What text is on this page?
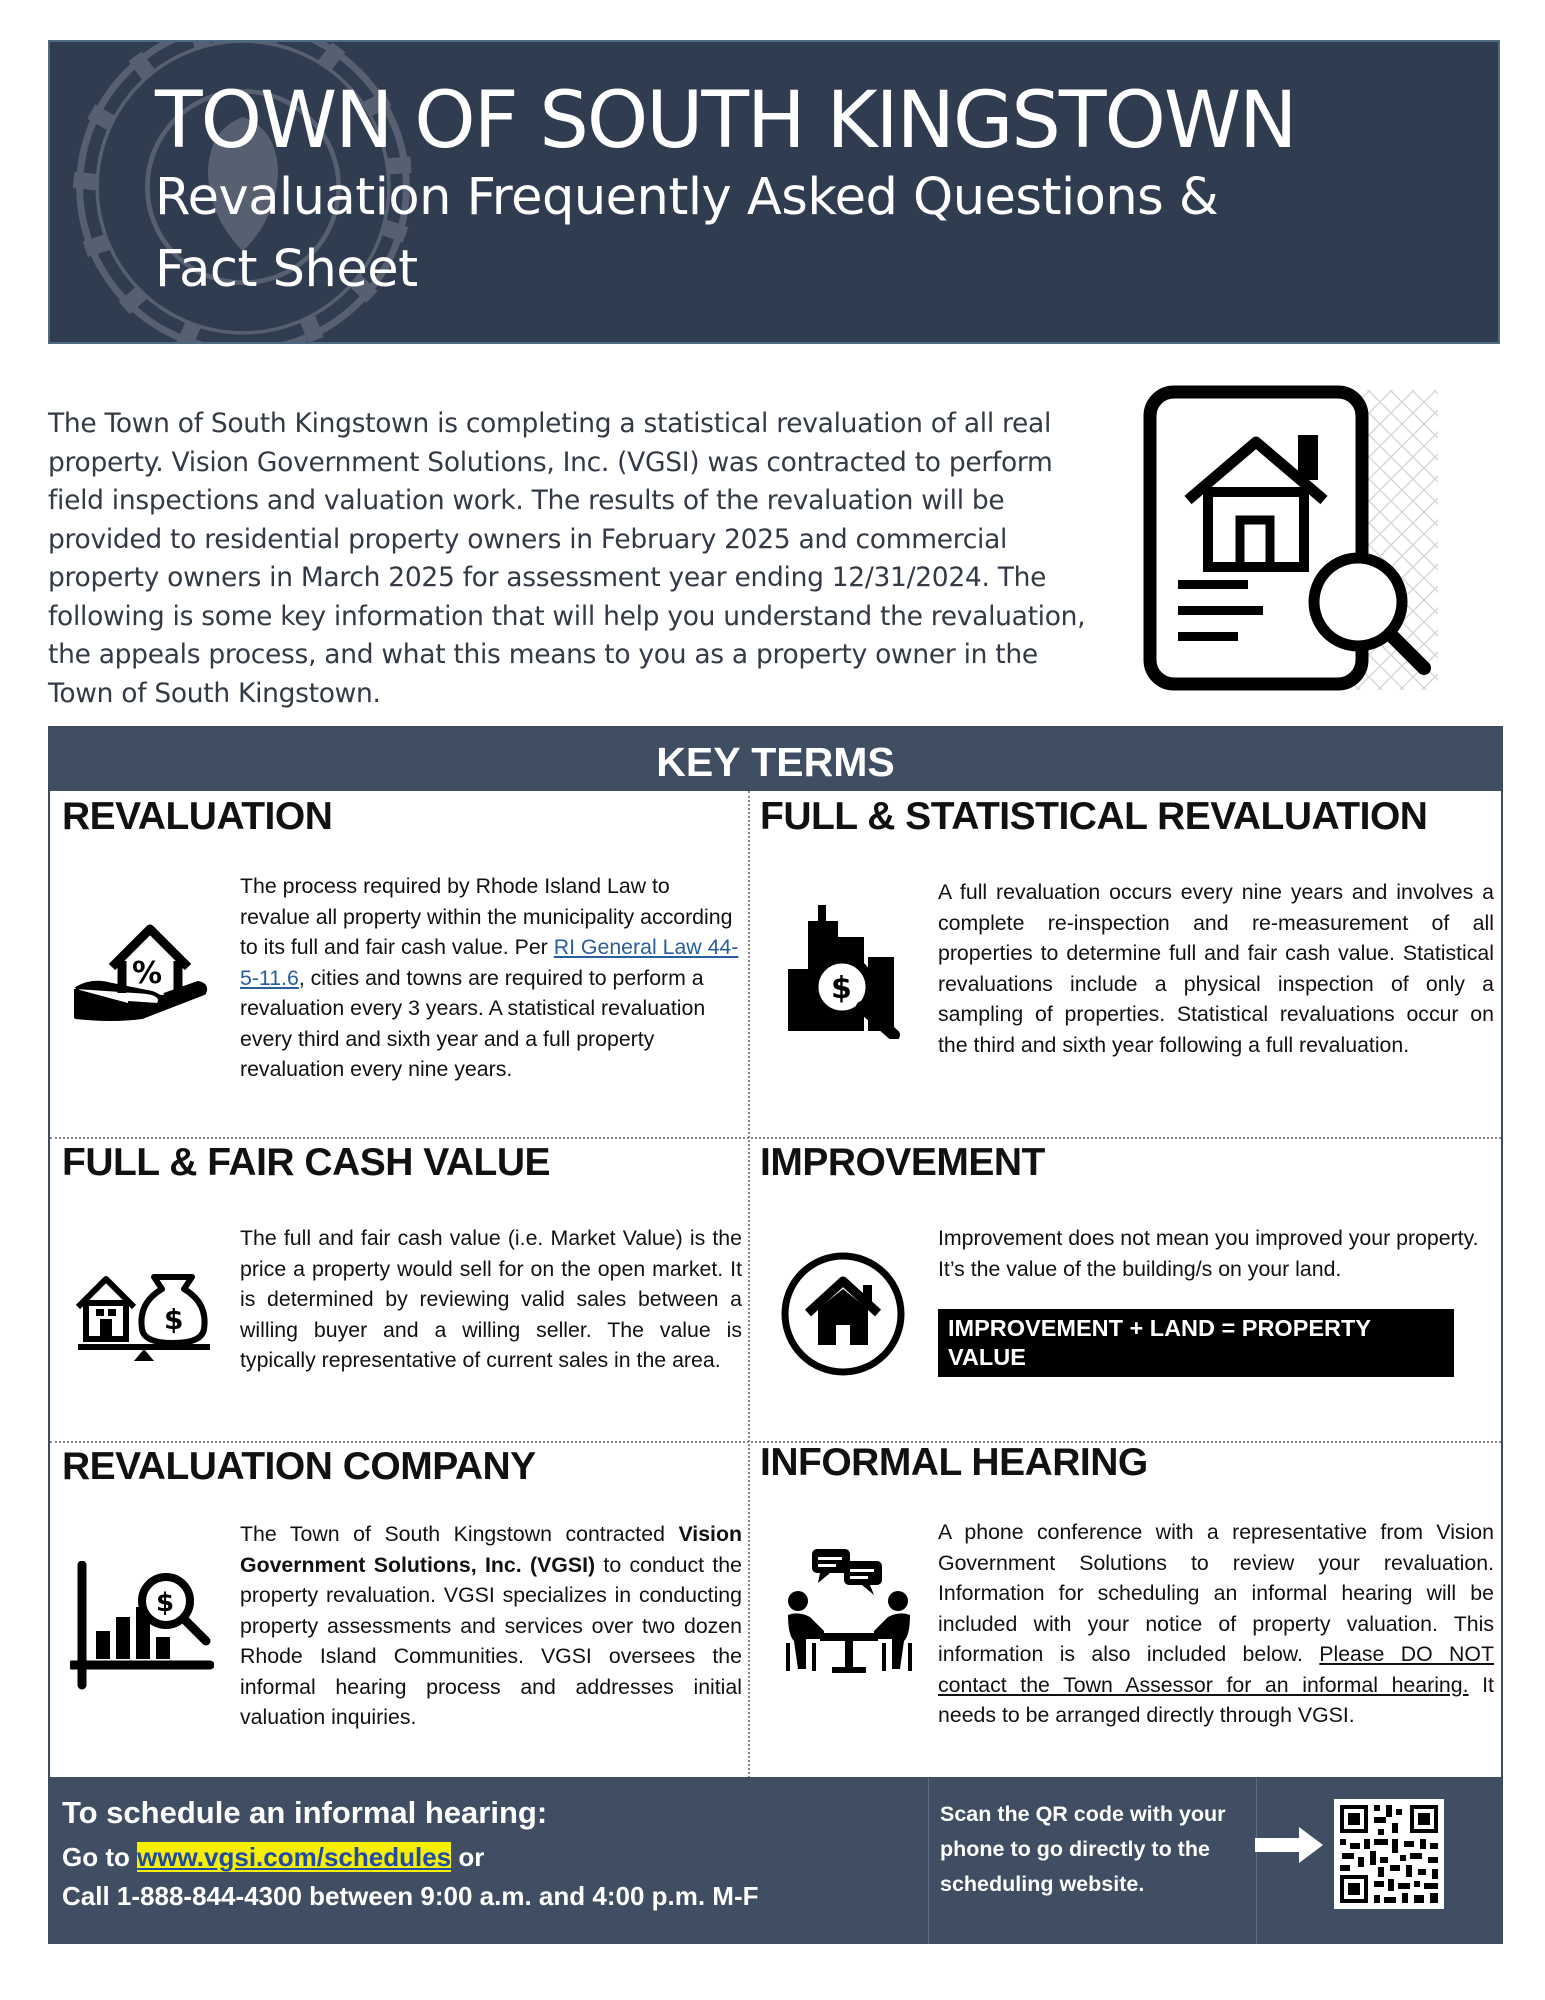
TOWN OF SOUTH KINGSTOWN
Revaluation Frequently Asked Questions & Fact Sheet
The Town of South Kingstown is completing a statistical revaluation of all real property. Vision Government Solutions, Inc. (VGSI) was contracted to perform field inspections and valuation work. The results of the revaluation will be provided to residential property owners in February 2025 and commercial property owners in March 2025 for assessment year ending 12/31/2024. The following is some key information that will help you understand the revaluation, the appeals process, and what this means to you as a property owner in the Town of South Kingstown.
KEY TERMS
REVALUATION
%
The process required by Rhode Island Law to revalue all property within the municipality according to its full and fair cash value. Per RI General Law 44-5-11.6, cities and towns are required to perform a revaluation every 3 years. A statistical revaluation every third and sixth year and a full property revaluation every nine years.
FULL & STATISTICAL REVALUATION
$
A full revaluation occurs every nine years and involves a complete re-inspection and re-measurement of all properties to determine full and fair cash value. Statistical revaluations include a physical inspection of only a sampling of properties. Statistical revaluations occur on the third and sixth year following a full revaluation.
FULL & FAIR CASH VALUE
$
The full and fair cash value (i.e. Market Value) is the price a property would sell for on the open market. It is determined by reviewing valid sales between a willing buyer and a willing seller. The value is typically representative of current sales in the area.
IMPROVEMENT
Improvement does not mean you improved your property. It’s the value of the building/s on your land.
IMPROVEMENT + LAND = PROPERTY VALUE
(Buildings)
REVALUATION COMPANY
$
The Town of South Kingstown contracted Vision Government Solutions, Inc. (VGSI) to conduct the property revaluation. VGSI specializes in conducting property assessments and services over two dozen Rhode Island Communities. VGSI oversees the informal hearing process and addresses initial valuation inquiries.
INFORMAL HEARING
A phone conference with a representative from Vision Government Solutions to review your revaluation. Information for scheduling an informal hearing will be included with your notice of property valuation. This information is also included below. Please DO NOT contact the Town Assessor for an informal hearing. It needs to be arranged directly through VGSI.
To schedule an informal hearing:
Go to www.vgsi.com/schedules or
Call 1-888-844-4300 between 9:00 a.m. and 4:00 p.m. M-F
Scan the QR code with your phone to go directly to the scheduling website.
